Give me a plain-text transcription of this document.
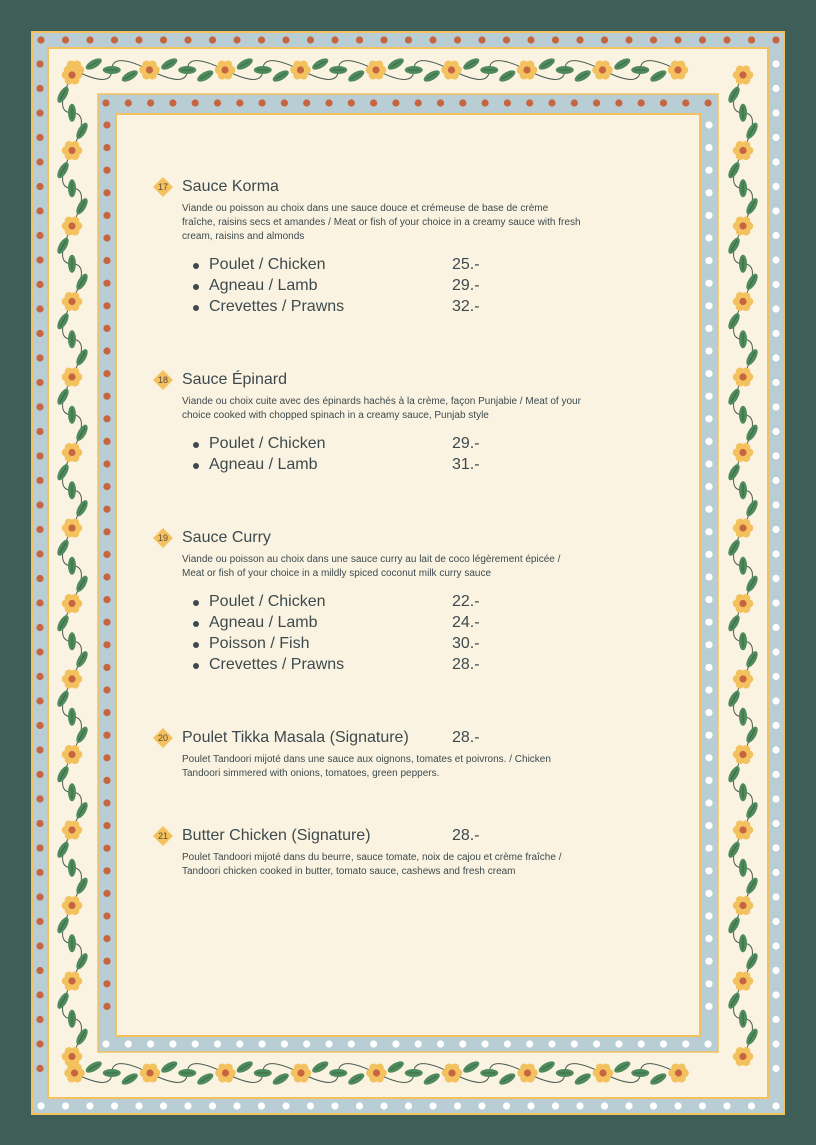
17 Sauce Korma
Viande ou poisson au choix dans une sauce douce et crémeuse de base de crème fraîche, raisins secs et amandes / Meat or fish of your choice in a creamy sauce with fresh cream, raisins and almonds
Poulet / Chicken	25.-
Agneau / Lamb	29.-
Crevettes / Prawns	32.-
18 Sauce Épinard
Viande ou choix cuite avec des épinards hachés à la crème, façon Punjabie / Meat of your choice cooked with chopped spinach in a creamy sauce, Punjab style
Poulet / Chicken	29.-
Agneau / Lamb	31.-
19 Sauce Curry
Viande ou poisson au choix dans une sauce curry au lait de coco légèrement épicée / Meat or fish of your choice in a mildly spiced coconut milk curry sauce
Poulet / Chicken	22.-
Agneau / Lamb	24.-
Poisson / Fish	30.-
Crevettes / Prawns	28.-
20 Poulet Tikka Masala (Signature)	28.-
Poulet Tandoori mijoté dans une sauce aux oignons, tomates et poivrons. / Chicken Tandoori simmered with onions, tomatoes, green peppers.
21 Butter Chicken (Signature)	28.-
Poulet Tandoori mijoté dans du beurre, sauce tomate, noix de cajou et crème fraîche / Tandoori chicken cooked in butter, tomato sauce, cashews and fresh cream
